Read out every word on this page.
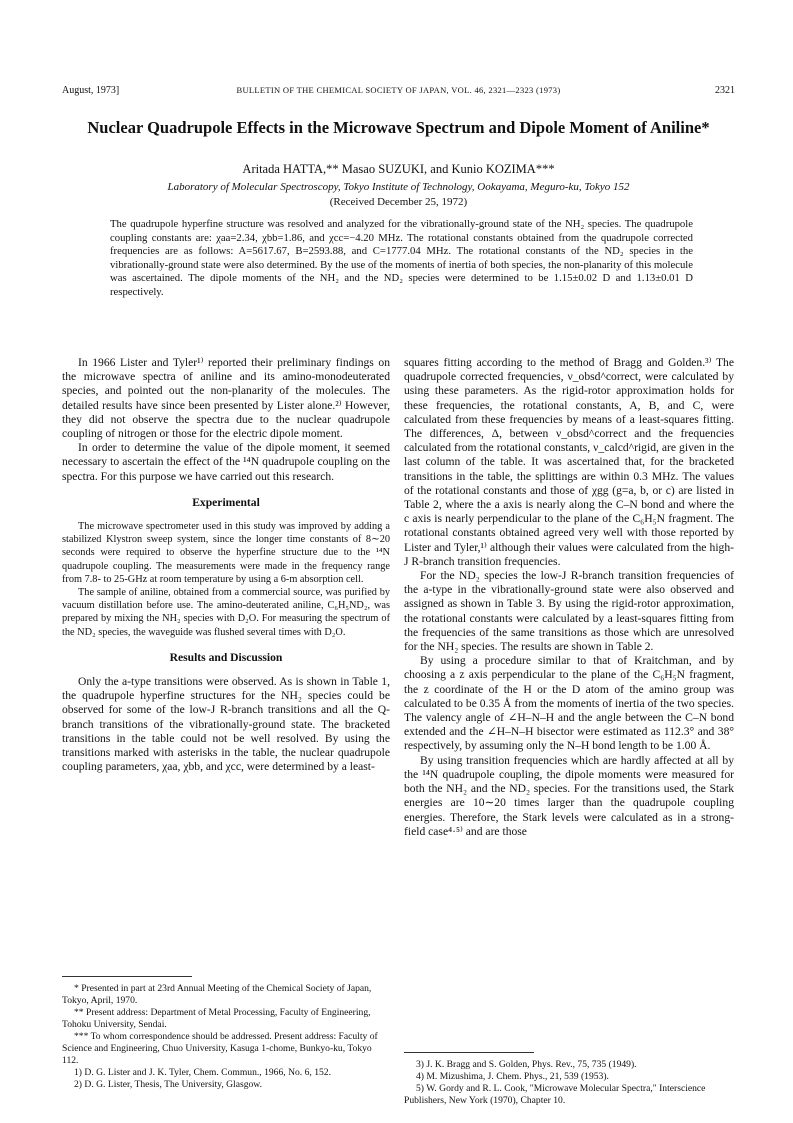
August, 1973]	BULLETIN OF THE CHEMICAL SOCIETY OF JAPAN, VOL. 46, 2321—2323 (1973)	2321
Nuclear Quadrupole Effects in the Microwave Spectrum and Dipole Moment of Aniline*
Aritada HATTA,** Masao SUZUKI, and Kunio KOZIMA***
Laboratory of Molecular Spectroscopy, Tokyo Institute of Technology, Ookayama, Meguro-ku, Tokyo 152
(Received December 25, 1972)
The quadrupole hyperfine structure was resolved and analyzed for the vibrationally-ground state of the NH₂ species. The quadrupole coupling constants are: χaa=2.34, χbb=1.86, and χcc=−4.20 MHz. The rotational constants obtained from the quadrupole corrected frequencies are as follows: A=5617.67, B=2593.88, and C=1777.04 MHz. The rotational constants of the ND₂ species in the vibrationally-ground state were also determined. By the use of the moments of inertia of both species, the non-planarity of this molecule was ascertained. The dipole moments of the NH₂ and the ND₂ species were determined to be 1.15±0.02 D and 1.13±0.01 D respectively.

In 1966 Lister and Tyler¹⁾ reported their preliminary findings on the microwave spectra of aniline and its amino-monodeuterated species, and pointed out the non-planarity of the molecules. The detailed results have since been presented by Lister alone.²⁾ However, they did not observe the spectra due to the nuclear quadrupole coupling of nitrogen or those for the electric dipole moment.

In order to determine the value of the dipole moment, it seemed necessary to ascertain the effect of the ¹⁴N quadrupole coupling on the spectra. For this purpose we have carried out this research.

Experimental

The microwave spectrometer used in this study was improved by adding a stabilized Klystron sweep system, since the longer time constants of 8∼20 seconds were required to observe the hyperfine structure due to the ¹⁴N quadrupole coupling. The measurements were made in the frequency range from 7.8- to 25-GHz at room temperature by using a 6-m absorption cell.

The sample of aniline, obtained from a commercial source, was purified by vacuum distillation before use. The amino-deuterated aniline, C₆H₅ND₂, was prepared by mixing the NH₂ species with D₂O. For measuring the spectrum of the ND₂ species, the waveguide was flushed several times with D₂O.

Results and Discussion

Only the a-type transitions were observed. As is shown in Table 1, the quadrupole hyperfine structures for the NH₂ species could be observed for some of the low-J R-branch transitions and all the Q-branch transitions of the vibrationally-ground state. The bracketed transitions in the table could not be well resolved. By using the transitions marked with asterisks in the table, the nuclear quadrupole coupling parameters, χaa, χbb, and χcc, were determined by a least-

* Presented in part at 23rd Annual Meeting of the Chemical Society of Japan, Tokyo, April, 1970.

** Present address: Department of Metal Processing, Faculty of Engineering, Tohoku University, Sendai.

*** To whom correspondence should be addressed. Present address: Faculty of Science and Engineering, Chuo University, Kasuga 1-chome, Bunkyo-ku, Tokyo 112.

1) D. G. Lister and J. K. Tyler, Chem. Commun., 1966, No. 6, 152.

2) D. G. Lister, Thesis, The University, Glasgow.

squares fitting according to the method of Bragg and Golden.³⁾ The quadrupole corrected frequencies, ν_obsd^correct, were calculated by using these parameters. As the rigid-rotor approximation holds for these frequencies, the rotational constants, A, B, and C, were calculated from these frequencies by means of a least-squares fitting. The differences, Δ, between ν_obsd^correct and the frequencies calculated from the rotational constants, ν_calcd^rigid, are given in the last column of the table. It was ascertained that, for the bracketed transitions in the table, the splittings are within 0.3 MHz. The values of the rotational constants and those of χgg (g=a, b, or c) are listed in Table 2, where the a axis is nearly along the C–N bond and where the c axis is nearly perpendicular to the plane of the C₆H₅N fragment. The rotational constants obtained agreed very well with those reported by Lister and Tyler,¹⁾ although their values were calculated from the high-J R-branch transition frequencies.

For the ND₂ species the low-J R-branch transition frequencies of the a-type in the vibrationally-ground state were also observed and assigned as shown in Table 3. By using the rigid-rotor approximation, the rotational constants were calculated by a least-squares fitting from the frequencies of the same transitions as those which are unresolved for the NH₂ species. The results are shown in Table 2.

By using a procedure similar to that of Kraitchman, and by choosing a z axis perpendicular to the plane of the C₆H₅N fragment, the z coordinate of the H or the D atom of the amino group was calculated to be 0.35 Å from the moments of inertia of the two species. The valency angle of ∠H–N–H and the angle between the C–N bond extended and the ∠H–N–H bisector were estimated as 112.3° and 38° respectively, by assuming only the N–H bond length to be 1.00 Å.

By using transition frequencies which are hardly affected at all by the ¹⁴N quadrupole coupling, the dipole moments were measured for both the NH₂ and the ND₂ species. For the transitions used, the Stark energies are 10∼20 times larger than the quadrupole coupling energies. Therefore, the Stark levels were calculated as in a strong-field case⁴·⁵⁾ and are those

3) J. K. Bragg and S. Golden, Phys. Rev., 75, 735 (1949).

4) M. Mizushima, J. Chem. Phys., 21, 539 (1953).

5) W. Gordy and R. L. Cook, "Microwave Molecular Spectra," Interscience Publishers, New York (1970), Chapter 10.
